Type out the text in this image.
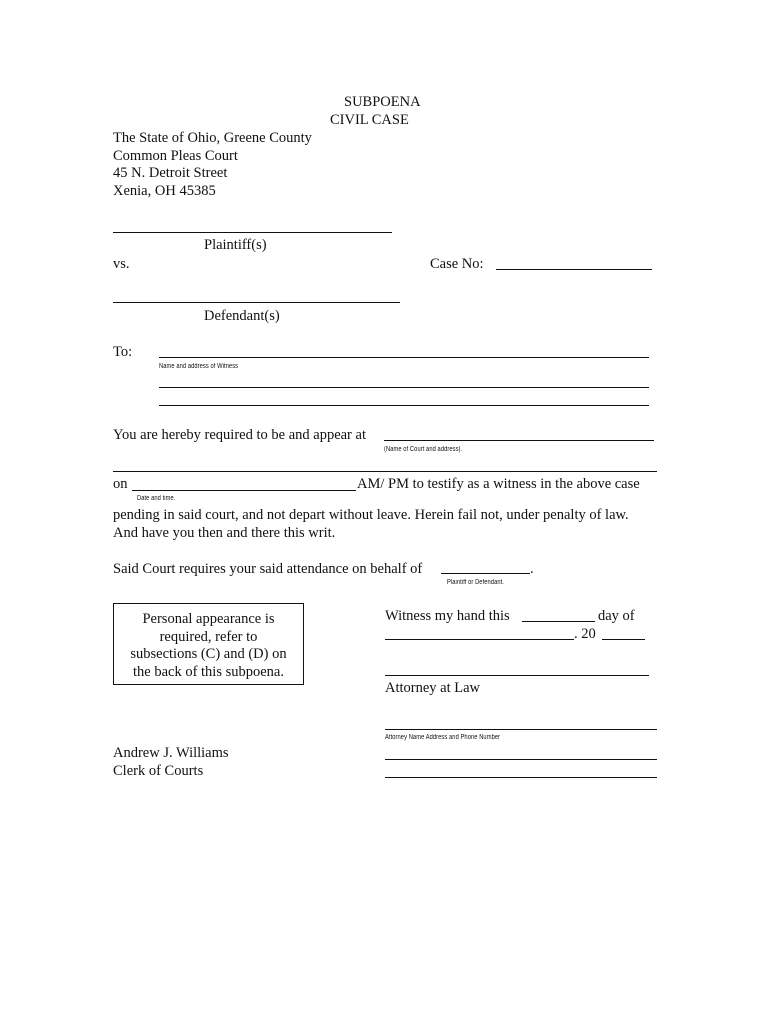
SUBPOENA
CIVIL CASE
The State of Ohio, Greene County
Common Pleas Court
45 N. Detroit Street
Xenia, OH 45385
Plaintiff(s)
vs.	Case No:
Defendant(s)
To:
Name and address of Witness
You are hereby required to be and appear at
(Name of Court and address).
on	AM/ PM to testify as a witness in the above case
Date and time.
pending in said court, and not depart without leave. Herein fail not, under penalty of law.
And have you then and there this writ.
Said Court requires your said attendance on behalf of	.
Plaintiff or Defendant.
Personal appearance is
required, refer to
subsections (C) and (D) on
the back of this subpoena.
Witness my hand this	day of
. 20
Attorney at Law
Attorney Name Address and Phone Number
Andrew J. Williams
Clerk of Courts
